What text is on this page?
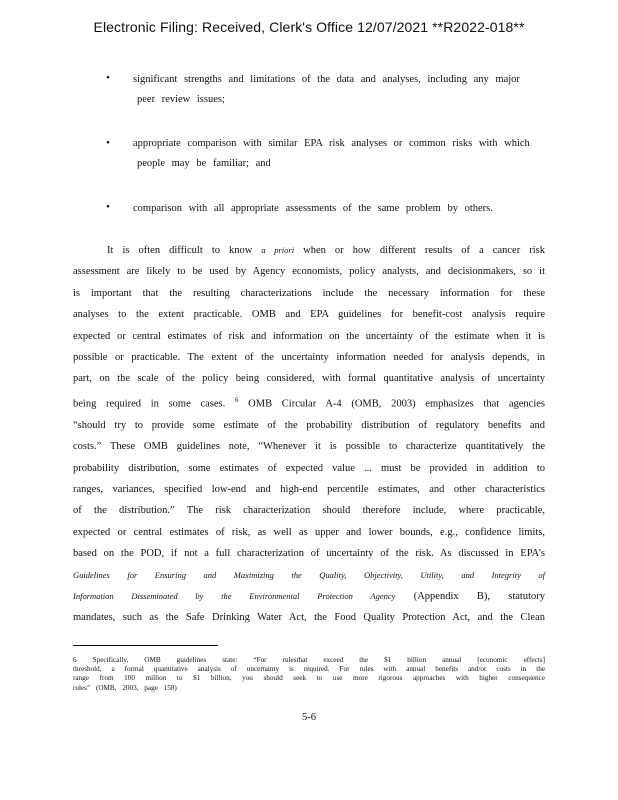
Electronic Filing: Received, Clerk's Office 12/07/2021 **R2022-018**
• significant strengths and limitations of the data and analyses, including any major
peer review issues;
• appropriate comparison with similar EPA risk analyses or common risks with which
people may be familiar; and
• comparison with all appropriate assessments of the same problem by others.
It is often difficult to know a priori when or how different results of a cancer risk
assessment are likely to be used by Agency economists, policy analysts, and decisionmakers, so it
is important that the resulting characterizations include the necessary information for these
analyses to the extent practicable. OMB and EPA guidelines for benefit-cost analysis require
expected or central estimates of risk and information on the uncertainty of the estimate when it is
possible or practicable. The extent of the uncertainty information needed for analysis depends, in
part, on the scale of the policy being considered, with formal quantitative analysis of uncertainty
being required in some cases. $^6$ OMB Circular A-4 (OMB, 2003) emphasizes that agencies
“should try to provide some estimate of the probability distribution of regulatory benefits and
costs.” These OMB guidelines note, “Whenever it is possible to characterize quantitatively the
probability distribution, some estimates of expected value ... must be provided in addition to
ranges, variances, specified low-end and high-end percentile estimates, and other characteristics
of the distribution.” The risk characterization should therefore include, where practicable,
expected or central estimates of risk, as well as upper and lower bounds, e.g., confidence limits,
based on the POD, if not a full characterization of uncertainty of the risk. As discussed in EPA’s
Guidelines for Ensuring and Maximizing the Quality, Objectivity, Utility, and Integrity of
Information Disseminated by the Environmental Protection Agency (Appendix B), statutory
mandates, such as the Safe Drinking Water Act, the Food Quality Protection Act, and the Clean
6 Specifically, OMB guidelines state: “For rulesthat exceed the $1 billion annual [economic effects]
threshold, a formal quantitative analysis of uncertainty is required. For rules with annual benefits and/or costs in the
range from 100 million to $1 billion, you should seek to use more rigorous approaches with higher consequence
rules” (OMB, 2003, page 158)
5-6
